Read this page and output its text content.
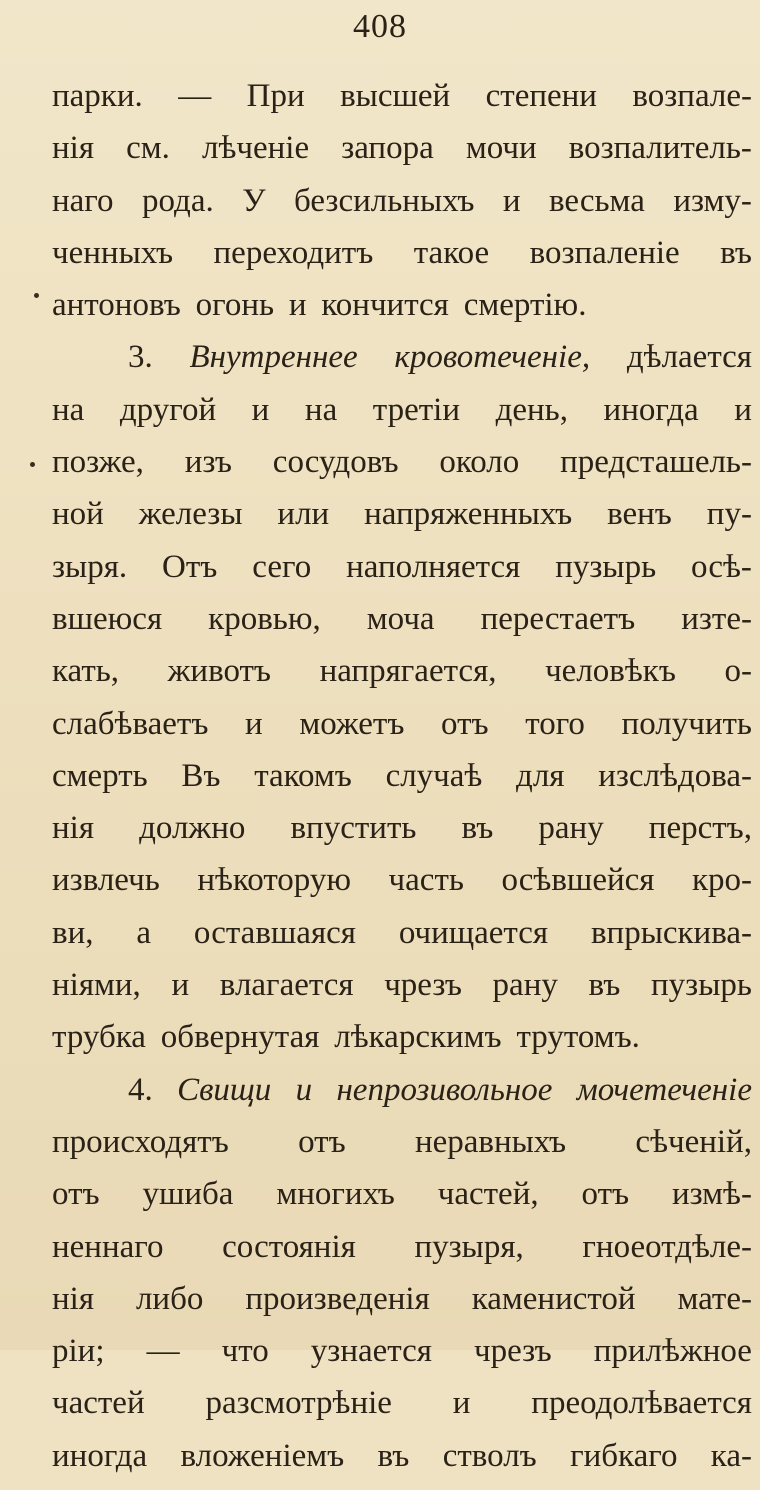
408
парки. — При высшей степени возпале-
нія см. лѣченіе запора мочи возпалитель-
наго рода. У безсильныхъ и весьма изму-
ченныхъ переходитъ такое возпаленіе въ
антоновъ огонь и кончится смертію.
3. Внутреннее кровотеченіе, дѣлается
на другой и на третіи день, иногда и
позже, изъ сосудовъ около предсташель-
ной железы или напряженныхъ венъ пу-
зыря. Отъ сего наполняется пузырь осѣ-
вшеюся кровью, моча перестаетъ изте-
кать, животъ напрягается, человѣкъ о-
слабѣваетъ и можетъ отъ того получить
смерть Въ такомъ случаѣ для изслѣдова-
нія должно впустить въ рану перстъ,
извлечь нѣкоторую часть осѣвшейся кро-
ви, а оставшаяся очищается впрыскива-
ніями, и влагается чрезъ рану въ пузырь
трубка обвернутая лѣкарскимъ трутомъ.
4. Свищи и непрозивольное мочетеченіе
происходятъ отъ неравныхъ сѣченій,
отъ ушиба многихъ частей, отъ измѣ-
неннаго состоянія пузыря, гноеотдѣле-
нія либо произведенія каменистой мате-
ріи; — что узнается чрезъ прилѣжное
частей разсмотрѣніе и преодолѣвается
иногда вложеніемъ въ стволъ гибкаго ка-
